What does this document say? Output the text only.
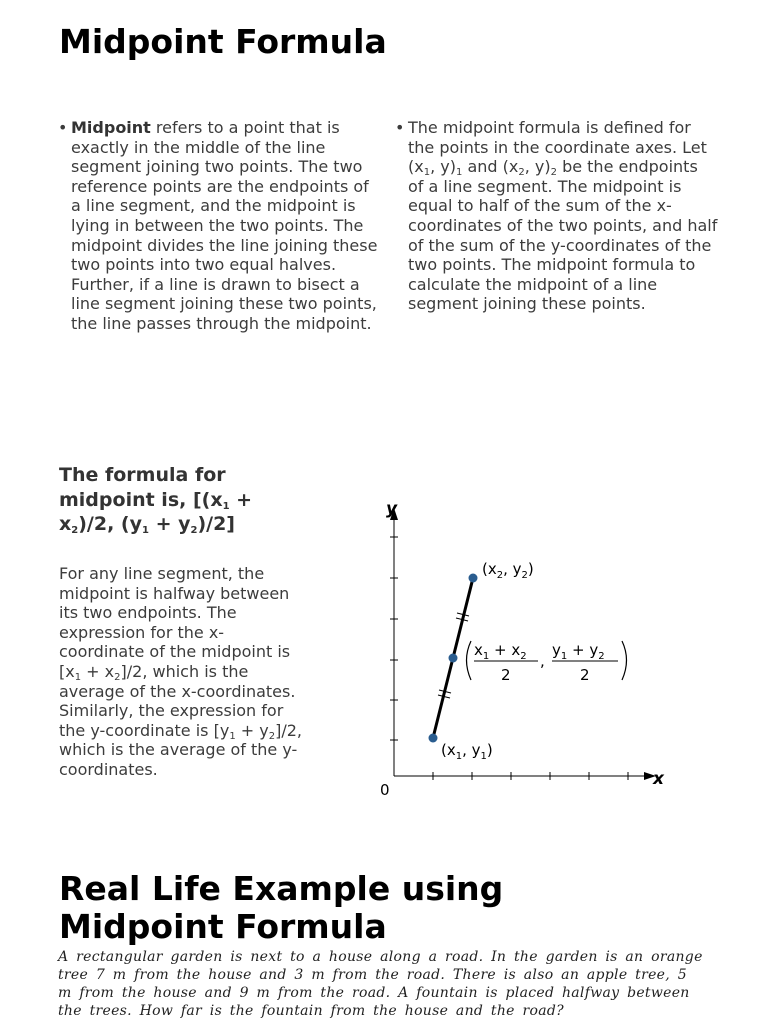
Midpoint Formula
• Midpoint refers to a point that is exactly in the middle of the line segment joining two points. The two reference points are the endpoints of a line segment, and the midpoint is lying in between the two points. The midpoint divides the line joining these two points into two equal halves. Further, if a line is drawn to bisect a line segment joining these two points, the line passes through the midpoint.
• The midpoint formula is defined for the points in the coordinate axes. Let ($x_1$, $y)_1$ and ($x_2$, $y)_2$ be the endpoints of a line segment. The midpoint is equal to half of the sum of the x-coordinates of the two points, and half of the sum of the y-coordinates of the two points. The midpoint formula to calculate the midpoint of a line segment joining these points.
The formula for midpoint is, [$(x_1 + x_2)/2$, $(y_1 + y_2)/2$]
For any line segment, the midpoint is halfway between its two endpoints. The expression for the x-coordinate of the midpoint is $[x_1 + x_2]/2$, which is the average of the x-coordinates. Similarly, the expression for the y-coordinate is $[y_1 + y_2]/2$, which is the average of the y-coordinates.
y
x
0
($x_1$, $y_1$)
($x_2$, $y_2$)
$x_1 + x_2$
2
,
$y_1 + y_2$
2
Real Life Example using Midpoint Formula
A rectangular garden is next to a house along a road. In the garden is an orange tree 7 m from the house and 3 m from the road. There is also an apple tree, 5 m from the house and 9 m from the road. A fountain is placed halfway between the trees. How far is the fountain from the house and the road?
